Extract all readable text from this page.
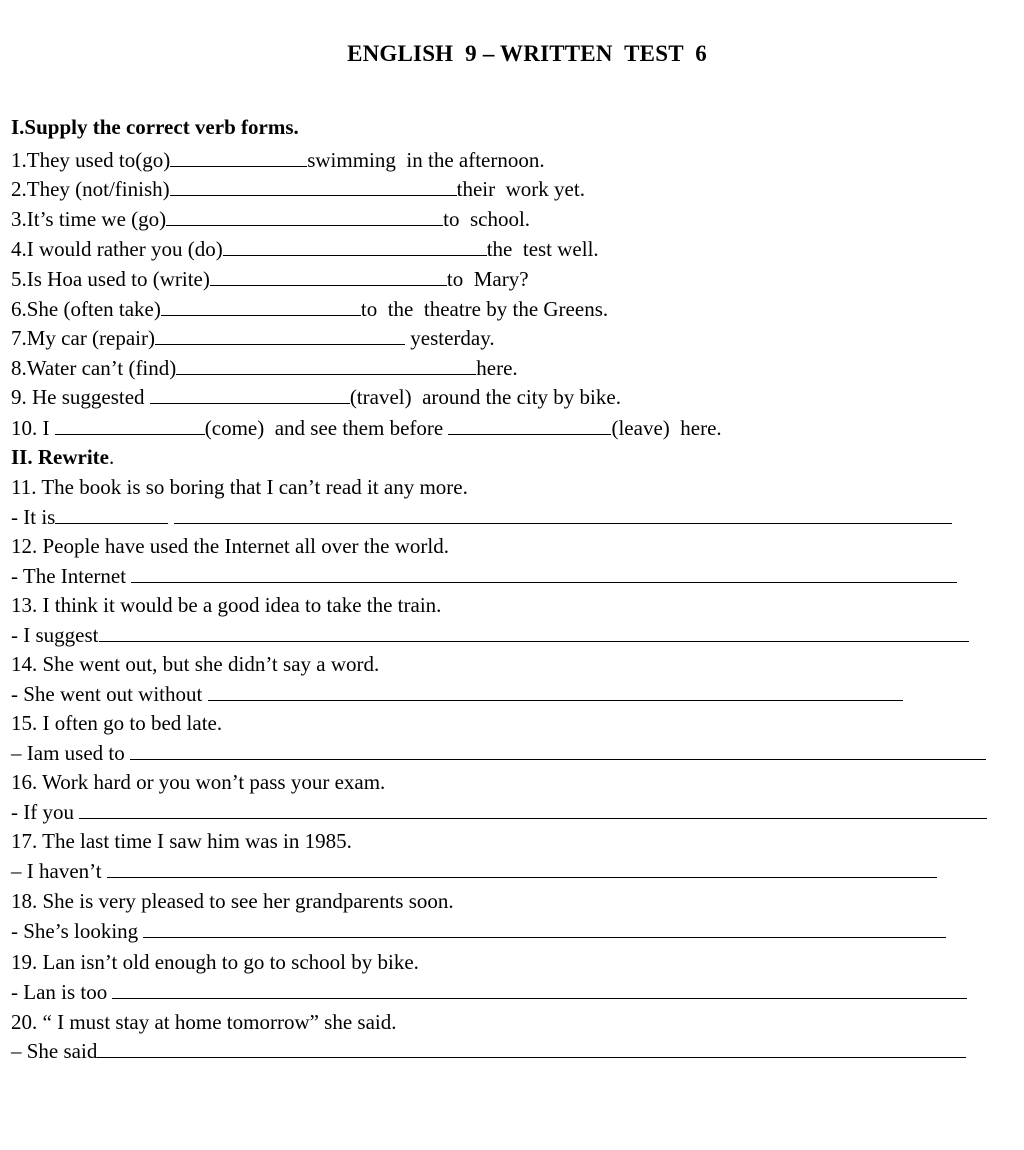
ENGLISH  9 – WRITTEN  TEST  6
I.Supply the correct verb forms.
1.They used to(go)	swimming  in the afternoon.
2.They (not/finish)	their  work yet.
3.It’s time we (go)	to  school.
4.I would rather you (do)	the  test well.
5.Is Hoa used to (write)	to  Mary?
6.She (often take)	to  the  theatre by the Greens.
7.My car (repair)	yesterday.
8.Water can’t (find)	here.
9. He suggested	(travel)  around the city by bike.
10. I	(come)  and see them before	(leave)  here.
II. Rewrite.
11. The book is so boring that I can’t read it any more.
- It is
12. People have used the Internet all over the world.
- The Internet
13. I think it would be a good idea to take the train.
- I suggest
14. She went out, but she didn’t say a word.
- She went out without
15. I often go to bed late.
– Iam used to
16. Work hard or you won’t pass your exam.
- If you
17. The last time I saw him was in 1985.
– I haven’t
18. She is very pleased to see her grandparents soon.
- She’s looking
19. Lan isn’t old enough to go to school by bike.
- Lan is too
20. “ I must stay at home tomorrow” she said.
– She said
